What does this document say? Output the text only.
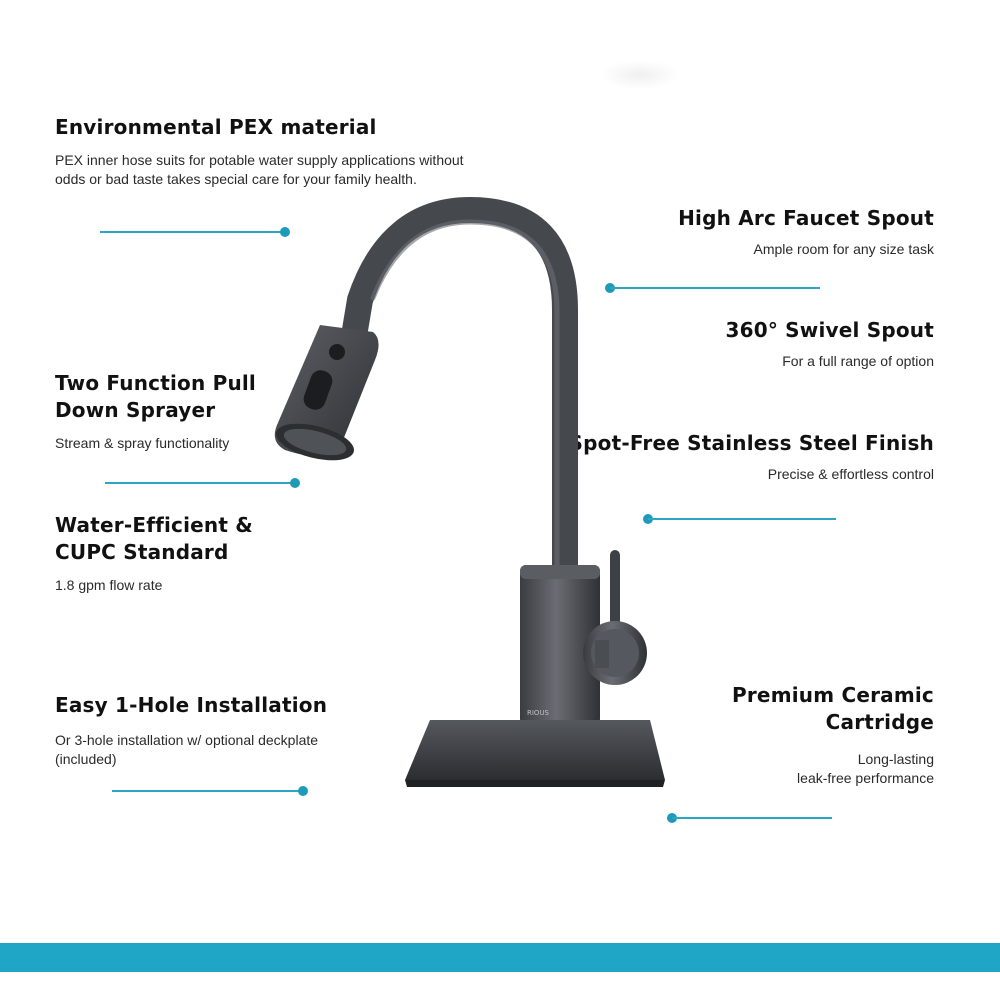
Environmental PEX material

PEX inner hose suits for potable water supply applications without odds or bad taste takes special care for your family health.

Two Function Pull
Down Sprayer

Stream & spray functionality

Water-Efficient &
CUPC Standard

1.8 gpm flow rate

Easy 1-Hole Installation

Or 3-hole installation w/ optional deckplate

(included)

High Arc Faucet Spout

Ample room for any size task

360° Swivel Spout

For a full range of option

Spot-Free Stainless Steel Finish

Precise & effortless control

Premium Ceramic
Cartridge

Long-lasting

leak-free performance

RIOUS
